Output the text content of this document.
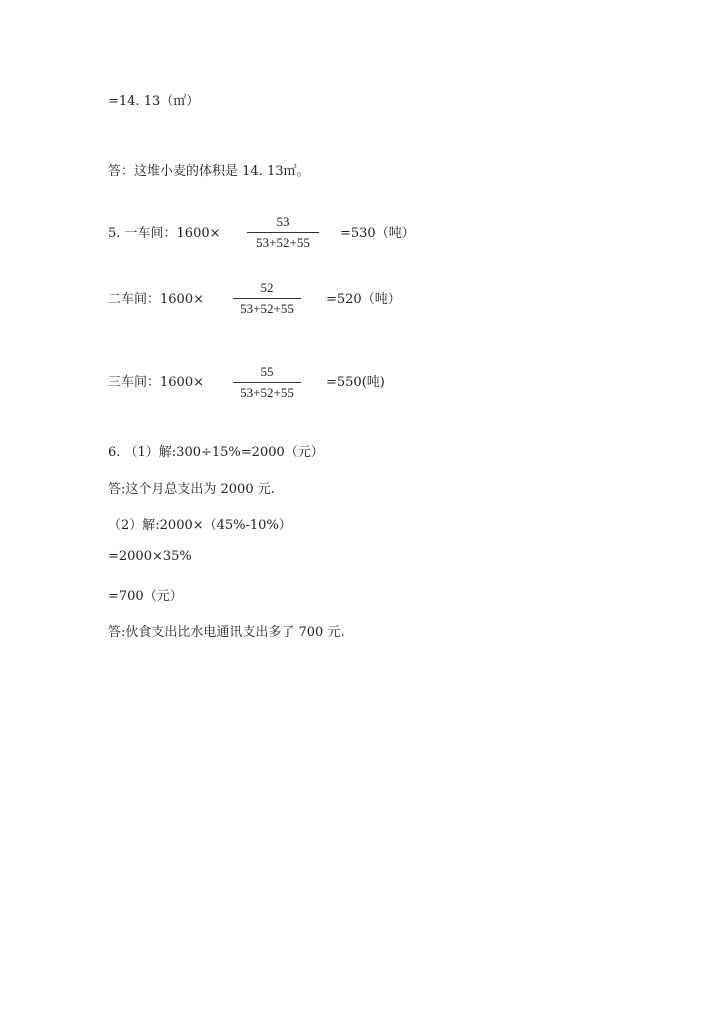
=14. 13（㎡）
答：这堆小麦的体积是 14. 13㎡。
5. 一车间：1600×
53
53+52+55
=530（吨）
二车间：1600×
52
53+52+55
=520（吨）
三车间：1600×
55
53+52+55
=550(吨)
6. （1）解:300÷15%=2000（元）
答:这个月总支出为 2000 元.
（2）解:2000×（45%-10%）
=2000×35%
=700（元）
答:伙食支出比水电通讯支出多了 700 元.
